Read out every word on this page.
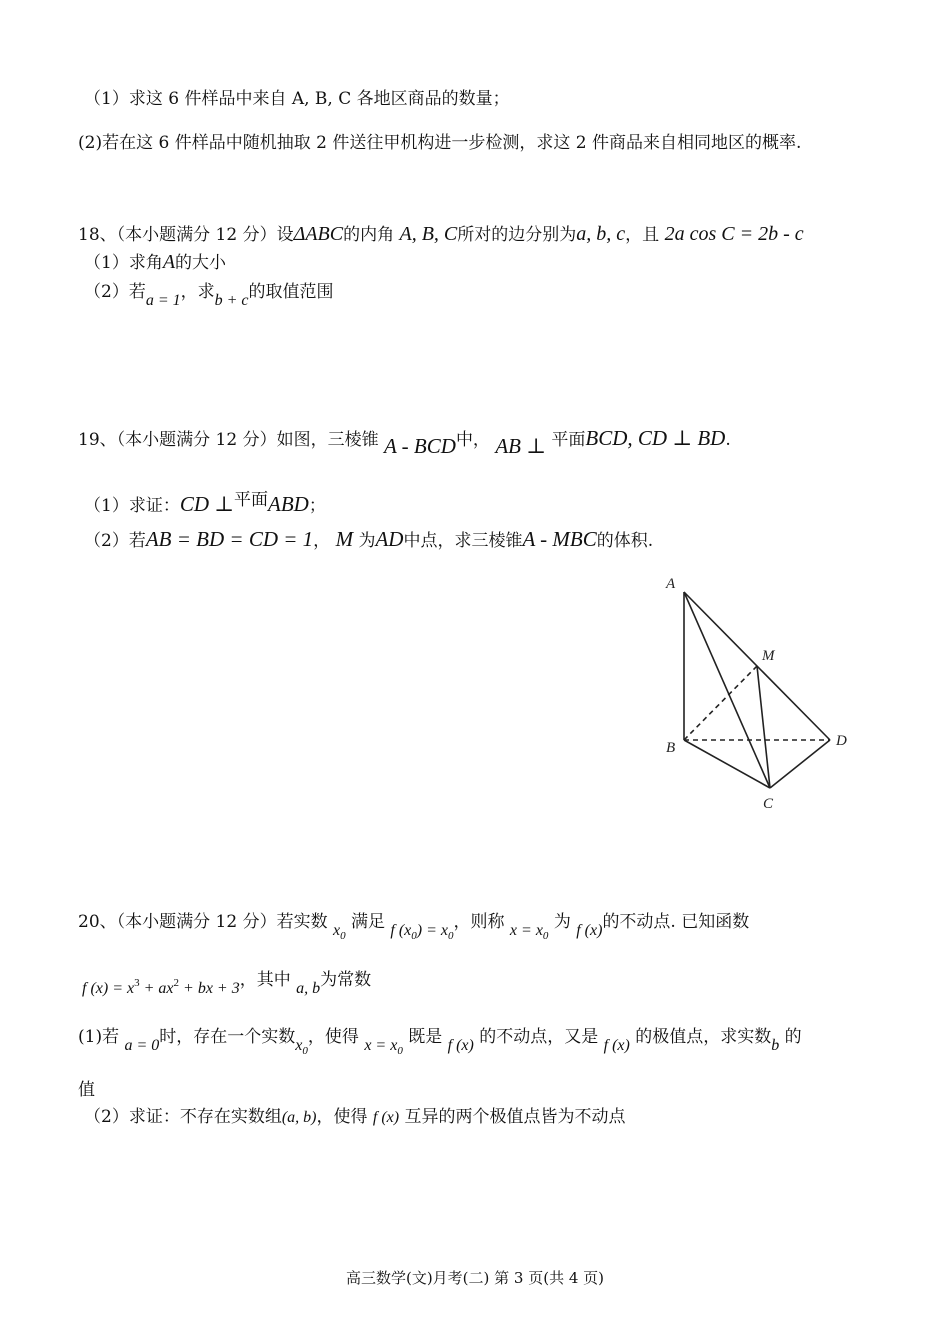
（1）求这 6 件样品中来自 A, B, C 各地区商品的数量；
(2)若在这 6 件样品中随机抽取 2 件送往甲机构进一步检测，求这 2 件商品来自相同地区的概率.
18、（本小题满分 12 分）设ΔABC的内角 A, B, C所对的边分别为a, b, c，且 2a cos C = 2b - c
（1）求角A的大小
（2）若a = 1，求b + c的取值范围
19、（本小题满分 12 分）如图，三棱锥 A - BCD中， AB ⊥ 平面BCD, CD ⊥ BD.
（1）求证：CD ⊥平面ABD；
（2）若AB = BD = CD = 1， M 为AD中点，求三棱锥A - MBC的体积.
A
M
B	D
C
20、（本小题满分 12 分）若实数 $x_0$ 满足 f $(x_0) = x_0$，则称 $x = x_0$ 为 f (x)的不动点. 已知函数
f $(x) = x^3 + ax^2$ + bx + 3，其中 a, b为常数
(1)若 a = 0时，存在一个实数$x_0$，使得 $x = x_0$ 既是 f (x) 的不动点，又是 f (x) 的极值点，求实数b 的
值
（2）求证：不存在实数组(a, b)，使得 f (x) 互异的两个极值点皆为不动点
高三数学(文)月考(二) 第 3 页(共 4 页)
